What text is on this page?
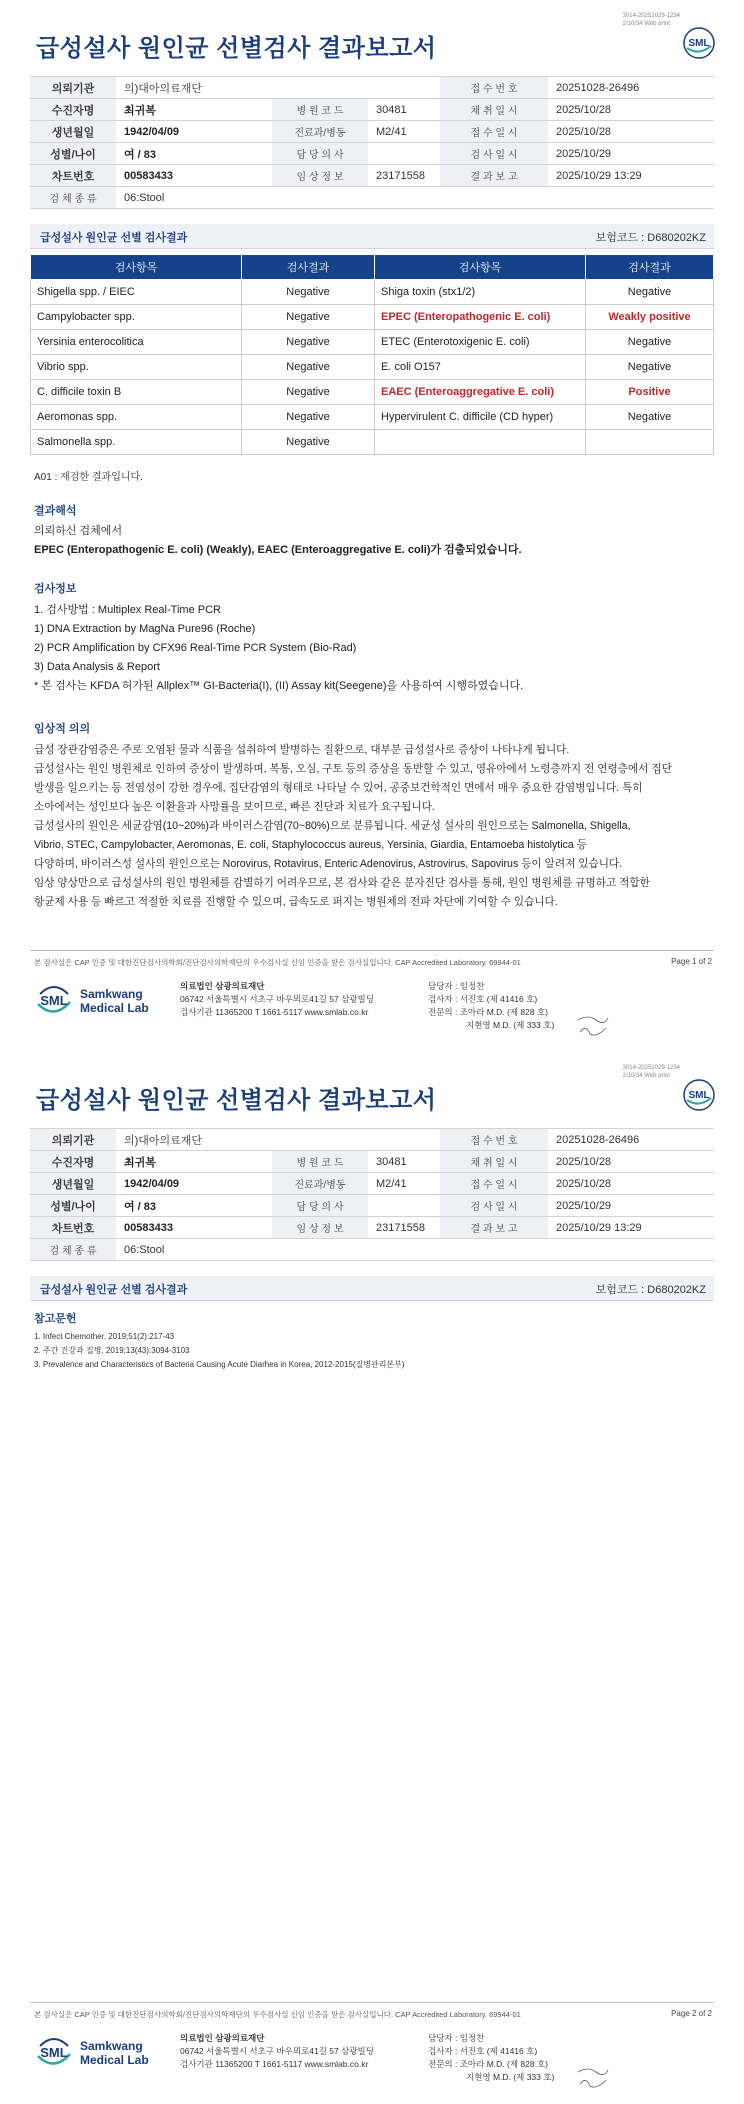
3014-20251029-1234
2/10/34 Web print
SML
급성설사 원인균 선별검사 결과보고서
의뢰기관	의)대아의료재단			접 수 번 호	20251028-26496
수진자명	최귀복	병 원 코 드	30481	채 취 일 시	2025/10/28
생년월일	1942/04/09	진료과/병동	M2/41	접 수 일 시	2025/10/28
성별/나이	여 / 83	담 당 의 사		검 사 일 시	2025/10/29
차트번호	00583433	임 상 정 보	23171558	결 과 보 고	2025/10/29 13:29
검 체 종 류	06:Stool				
급성설사 원인균 선별 검사결과	보험코드 : D680202KZ
검사항목	검사결과	검사항목	검사결과
Shigella spp. / EIEC	Negative	Shiga toxin (stx1/2)	Negative
Campylobacter spp.	Negative	EPEC (Enteropathogenic E. coli)	Weakly positive
Yersinia enterocolitica	Negative	ETEC (Enterotoxigenic E. coli)	Negative
Vibrio spp.	Negative	E. coli O157	Negative
C. difficile toxin B	Negative	EAEC (Enteroaggregative E. coli)	Positive
Aeromonas spp.	Negative	Hypervirulent C. difficile (CD hyper)	Negative
Salmonella spp.	Negative		
A01 : 재검한 결과입니다.
결과해석
의뢰하신 검체에서
EPEC (Enteropathogenic E. coli) (Weakly), EAEC (Enteroaggregative E. coli)가 검출되었습니다.
검사정보
1. 검사방법 : Multiplex Real-Time PCR
1) DNA Extraction by MagNa Pure96 (Roche)
2) PCR Amplification by CFX96 Real-Time PCR System (Bio-Rad)
3) Data Analysis & Report
* 본 검사는 KFDA 허가된 Allplex™ GI-Bacteria(I), (II) Assay kit(Seegene)을 사용하여 시행하였습니다.
임상적 의의
급성 장관감염증은 주로 오염된 물과 식품을 섭취하여 발병하는 질환으로, 대부분 급성설사로 증상이 나타나게 됩니다.
급성설사는 원인 병원체로 인하여 증상이 발생하며, 복통, 오심, 구토 등의 증상을 동반할 수 있고, 영유아에서 노령층까지 전 연령층에서 집단
발생을 일으키는 등 전염성이 강한 경우에, 집단감염의 형태로 나타날 수 있어, 공중보건학적인 면에서 매우 중요한 감염병입니다. 특히
소아에서는 성인보다 높은 이환율과 사망률을 보이므로, 빠른 진단과 치료가 요구됩니다.
급성설사의 원인은 세균감염(10~20%)과 바이러스감염(70~80%)으로 분류됩니다. 세균성 설사의 원인으로는 Salmonella, Shigella,
Vibrio, STEC, Campylobacter, Aeromonas, E. coli, Staphylococcus aureus, Yersinia, Giardia, Entamoeba histolytica 등
다양하며, 바이러스성 설사의 원인으로는 Norovirus, Rotavirus, Enteric Adenovirus, Astrovirus, Sapovirus 등이 알려져 있습니다.
임상 양상만으로 급성설사의 원인 병원체를 감별하기 어려우므로, 본 검사와 같은 분자진단 검사를 통해, 원인 병원체를 규명하고 적합한
항균제 사용 등 빠르고 적절한 치료를 진행할 수 있으며, 급속도로 퍼지는 병원체의 전파 차단에 기여할 수 있습니다.
본 검사실은 CAP 인증 및 대한진단검사의학회/진단검사의학재단의 우수검사실 신임 인증을 받은 검사실입니다. CAP Accredited Laboratory. 69944-01	Page 1 of 2
SML Samkwang
Medical Lab
의료법인 삼광의료재단
06742 서울특별시 서초구 바우뫼로41길 57 삼광빌딩
검사기관 11365200 T 1661-5117 www.smlab.co.kr
담당자 : 임정찬
검사자 : 서진호 (제 41416 호)
전문의 : 조아라 M.D. (제 828 호)
지현영 M.D. (제 333 호)
3014-20251029-1234
2/10/34 Web print
SML
급성설사 원인균 선별검사 결과보고서
의뢰기관	의)대아의료재단			접 수 번 호	20251028-26496
수진자명	최귀복	병 원 코 드	30481	채 취 일 시	2025/10/28
생년월일	1942/04/09	진료과/병동	M2/41	접 수 일 시	2025/10/28
성별/나이	여 / 83	담 당 의 사		검 사 일 시	2025/10/29
차트번호	00583433	임 상 정 보	23171558	결 과 보 고	2025/10/29 13:29
검 체 종 류	06:Stool				
급성설사 원인균 선별 검사결과	보험코드 : D680202KZ
참고문헌
1. Infect Chemother. 2019;51(2):217-43
2. 주간 건강과 질병. 2019;13(43):3094-3103
3. Prevalence and Characteristics of Bacteria Causing Acute Diarhea in Korea, 2012-2015(질병관리본부)
본 검사실은 CAP 인증 및 대한진단검사의학회/진단검사의학재단의 우수검사실 신임 인증을 받은 검사실입니다. CAP Accredited Laboratory. 69944-01	Page 2 of 2
SML Samkwang
Medical Lab
의료법인 삼광의료재단
06742 서울특별시 서초구 바우뫼로41길 57 삼광빌딩
검사기관 11365200 T 1661-5117 www.smlab.co.kr
담당자 : 임정찬
검사자 : 서진호 (제 41416 호)
전문의 : 조아라 M.D. (제 828 호)
지현영 M.D. (제 333 호)
